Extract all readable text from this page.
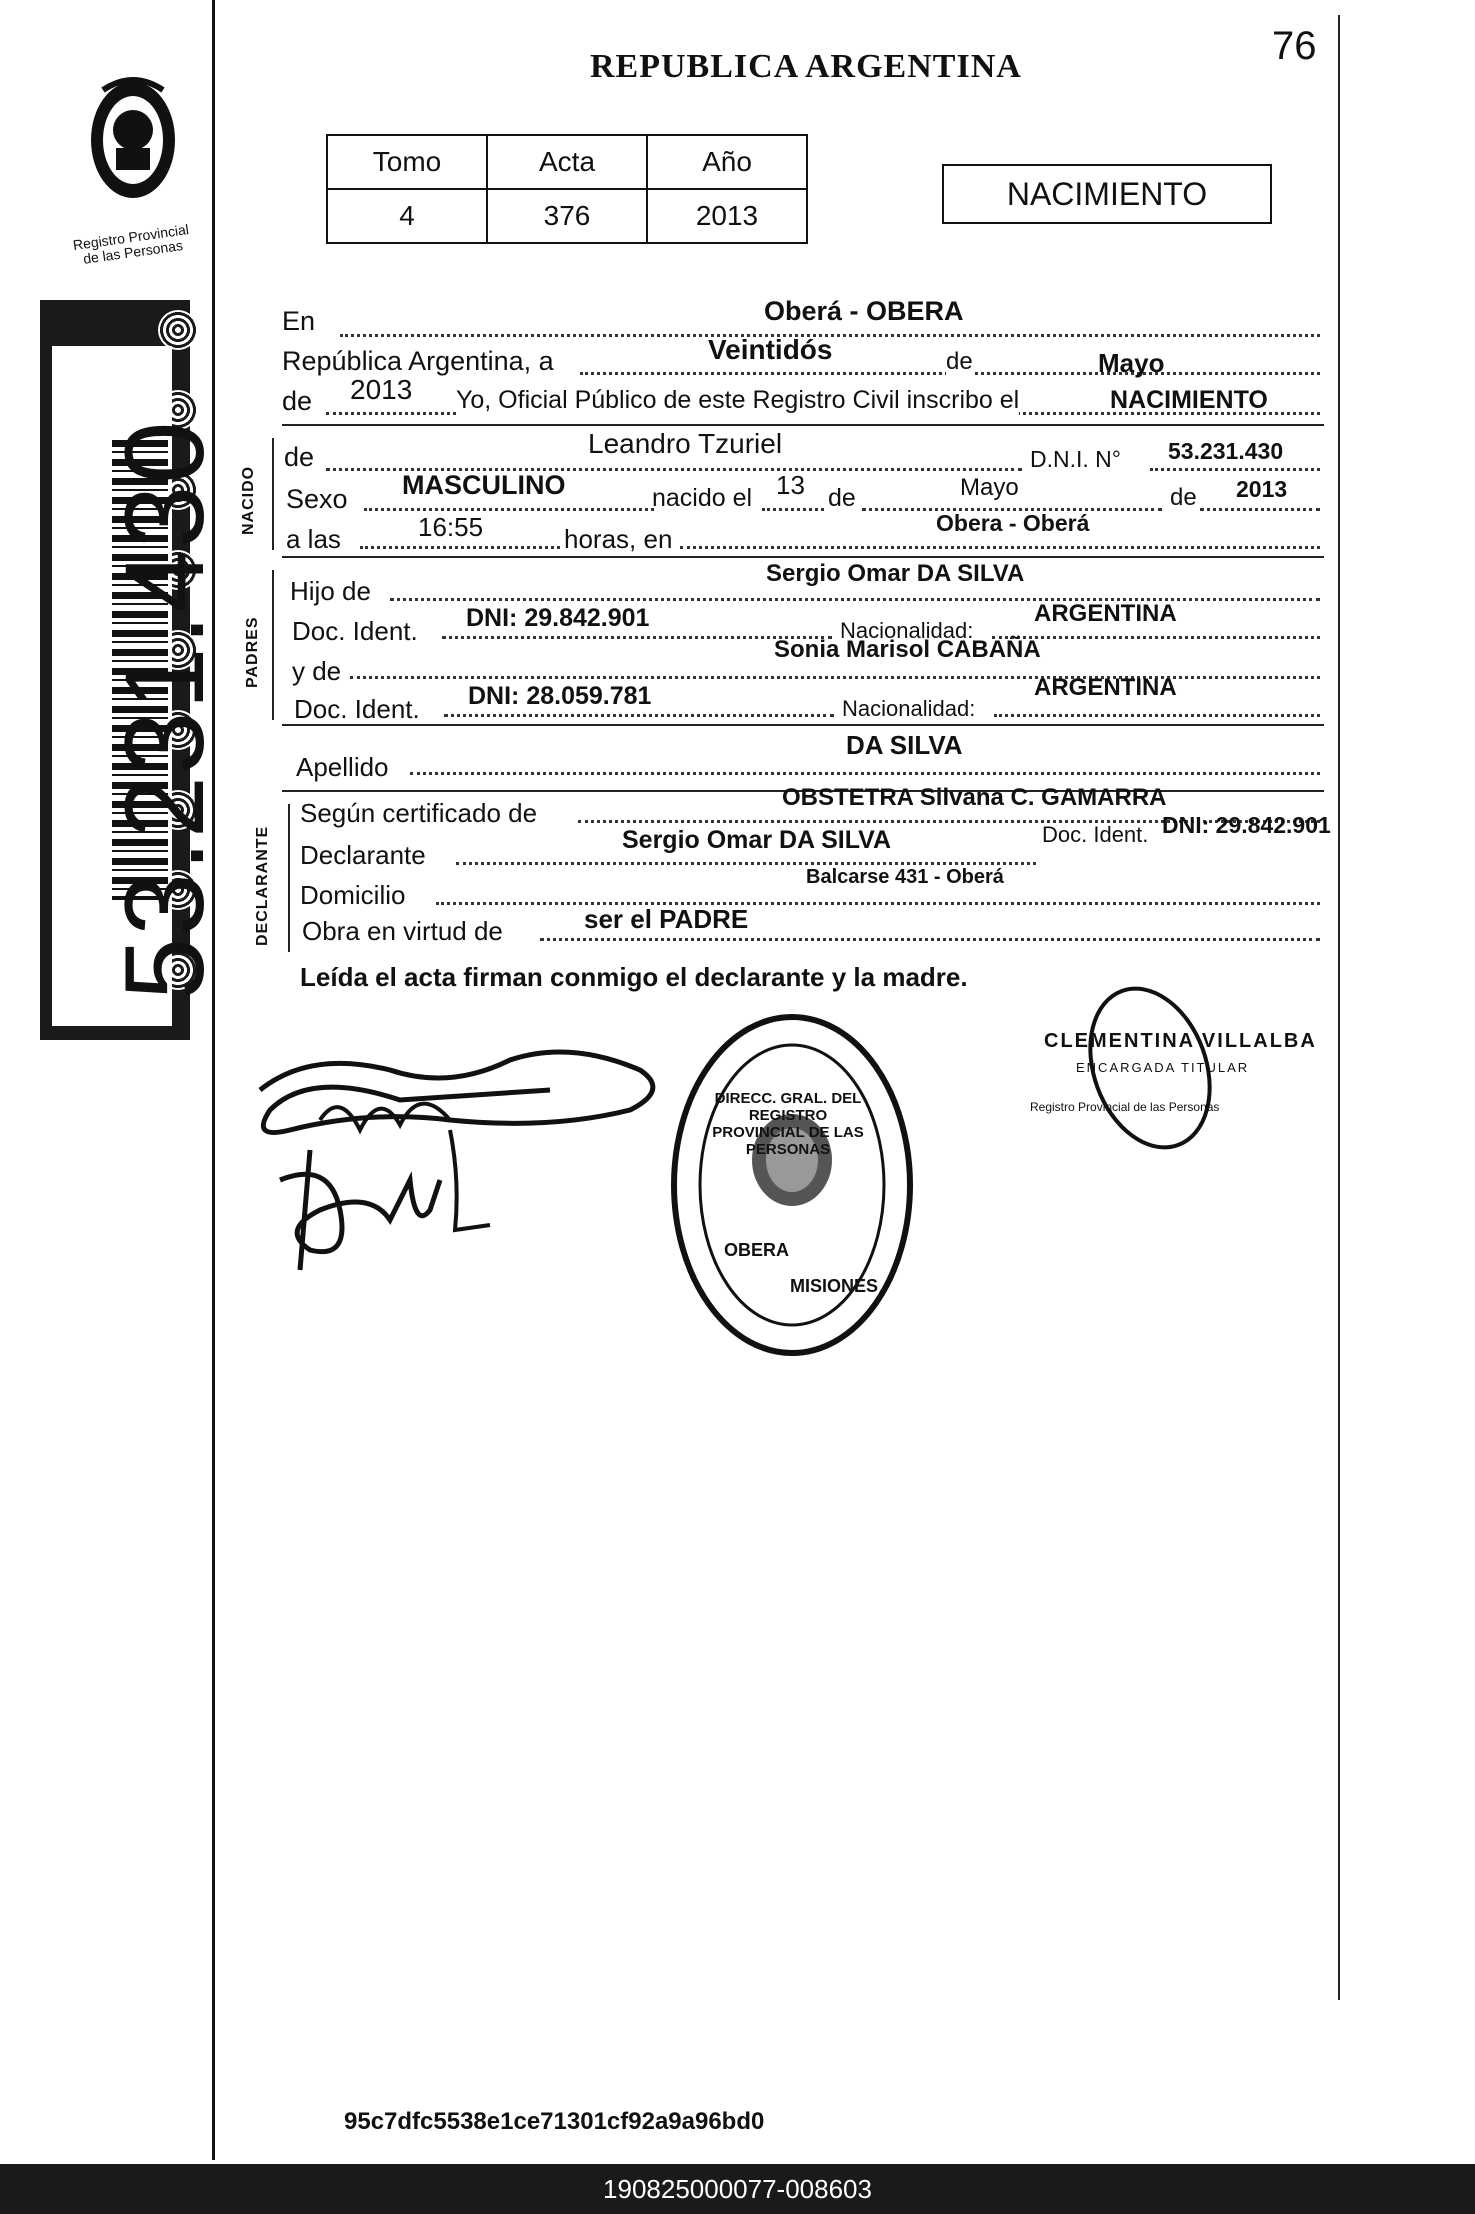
53.231.430
Registro Provincial de las Personas
REPUBLICA ARGENTINA	76
Tomo	Acta	Año
4	376	2013
NACIMIENTO
En	Oberá - OBERA
República Argentina, a	Veintidós	de	Mayo
de 2013 Yo, Oficial Público de este Registro Civil inscribo el	NACIMIENTO
NACIDO
de	Leandro Tzuriel	D.N.I. N° 53.231.430
Sexo MASCULINO	nacido el 13 de	Mayo	de 2013
a las	16:55	horas, en
Obera - Oberá
PADRES
Hijo de
Sergio Omar DA SILVA
Doc. Ident. DNI: 29.842.901	Nacionalidad:
ARGENTINA
y de
Sonia Marisol CABAÑA
Doc. Ident. DNI: 28.059.781	Nacionalidad:
ARGENTINA
Apellido
DA SILVA
DECLARANTE
Según certificado de
OBSTETRA Silvana C. GAMARRA
Declarante	Sergio Omar DA SILVA	Doc. Ident. DNI: 29.842.901
Domicilio
Balcarse 431 - Oberá
Obra en virtud de	ser el PADRE
Leída el acta firman conmigo el declarante y la madre.
CLEMENTINA VILLALBA
ENCARGADA TITULAR
Registro Provincial de las Personas
DIRECC. GRAL. DEL REGISTRO PROVINCIAL DE LAS PERSONAS
OBERA
MISIONES
95c7dfc5538e1ce71301cf92a9a96bd0
190825000077-008603
